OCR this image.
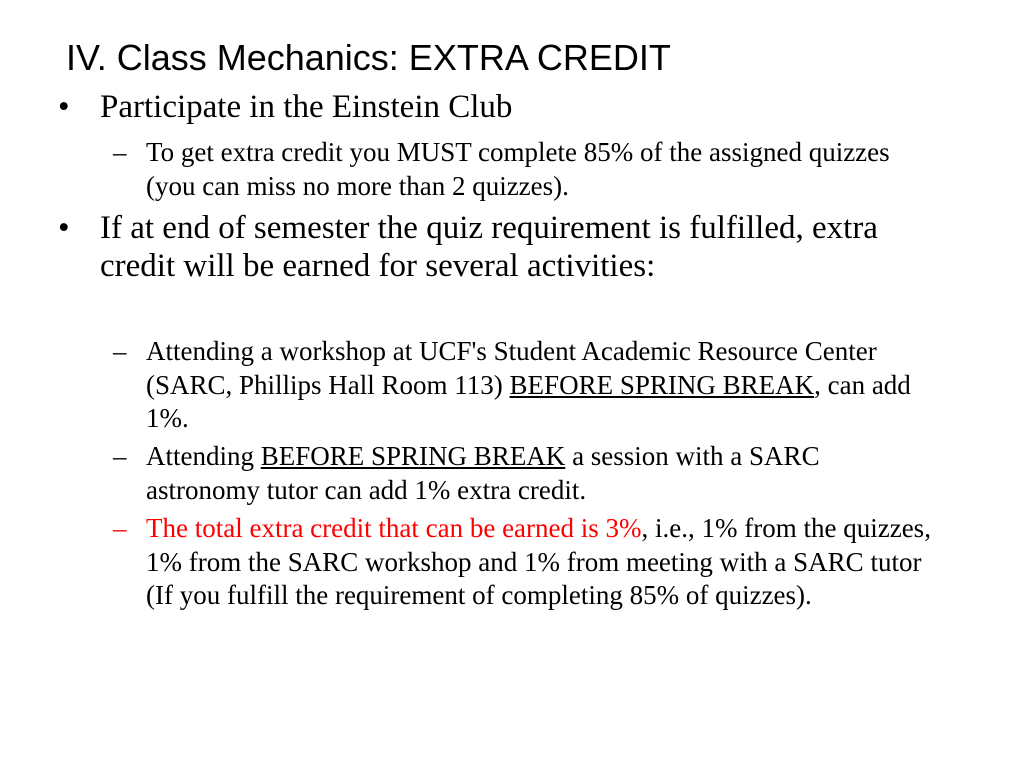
IV. Class Mechanics: EXTRA CREDIT
• Participate in the Einstein Club
– To get extra credit you MUST complete 85% of the assigned quizzes (you can miss no more than 2 quizzes).
• If at end of semester the quiz requirement is fulfilled, extra credit will be earned for several activities:
– Attending a workshop at UCF's Student Academic Resource Center (SARC, Phillips Hall Room 113) BEFORE SPRING BREAK, can add 1%.
– Attending BEFORE SPRING BREAK a session with a SARC astronomy tutor can add 1% extra credit.
– The total extra credit that can be earned is 3%, i.e., 1% from the quizzes, 1% from the SARC workshop and 1% from meeting with a SARC tutor (If you fulfill the requirement of completing 85% of quizzes).
